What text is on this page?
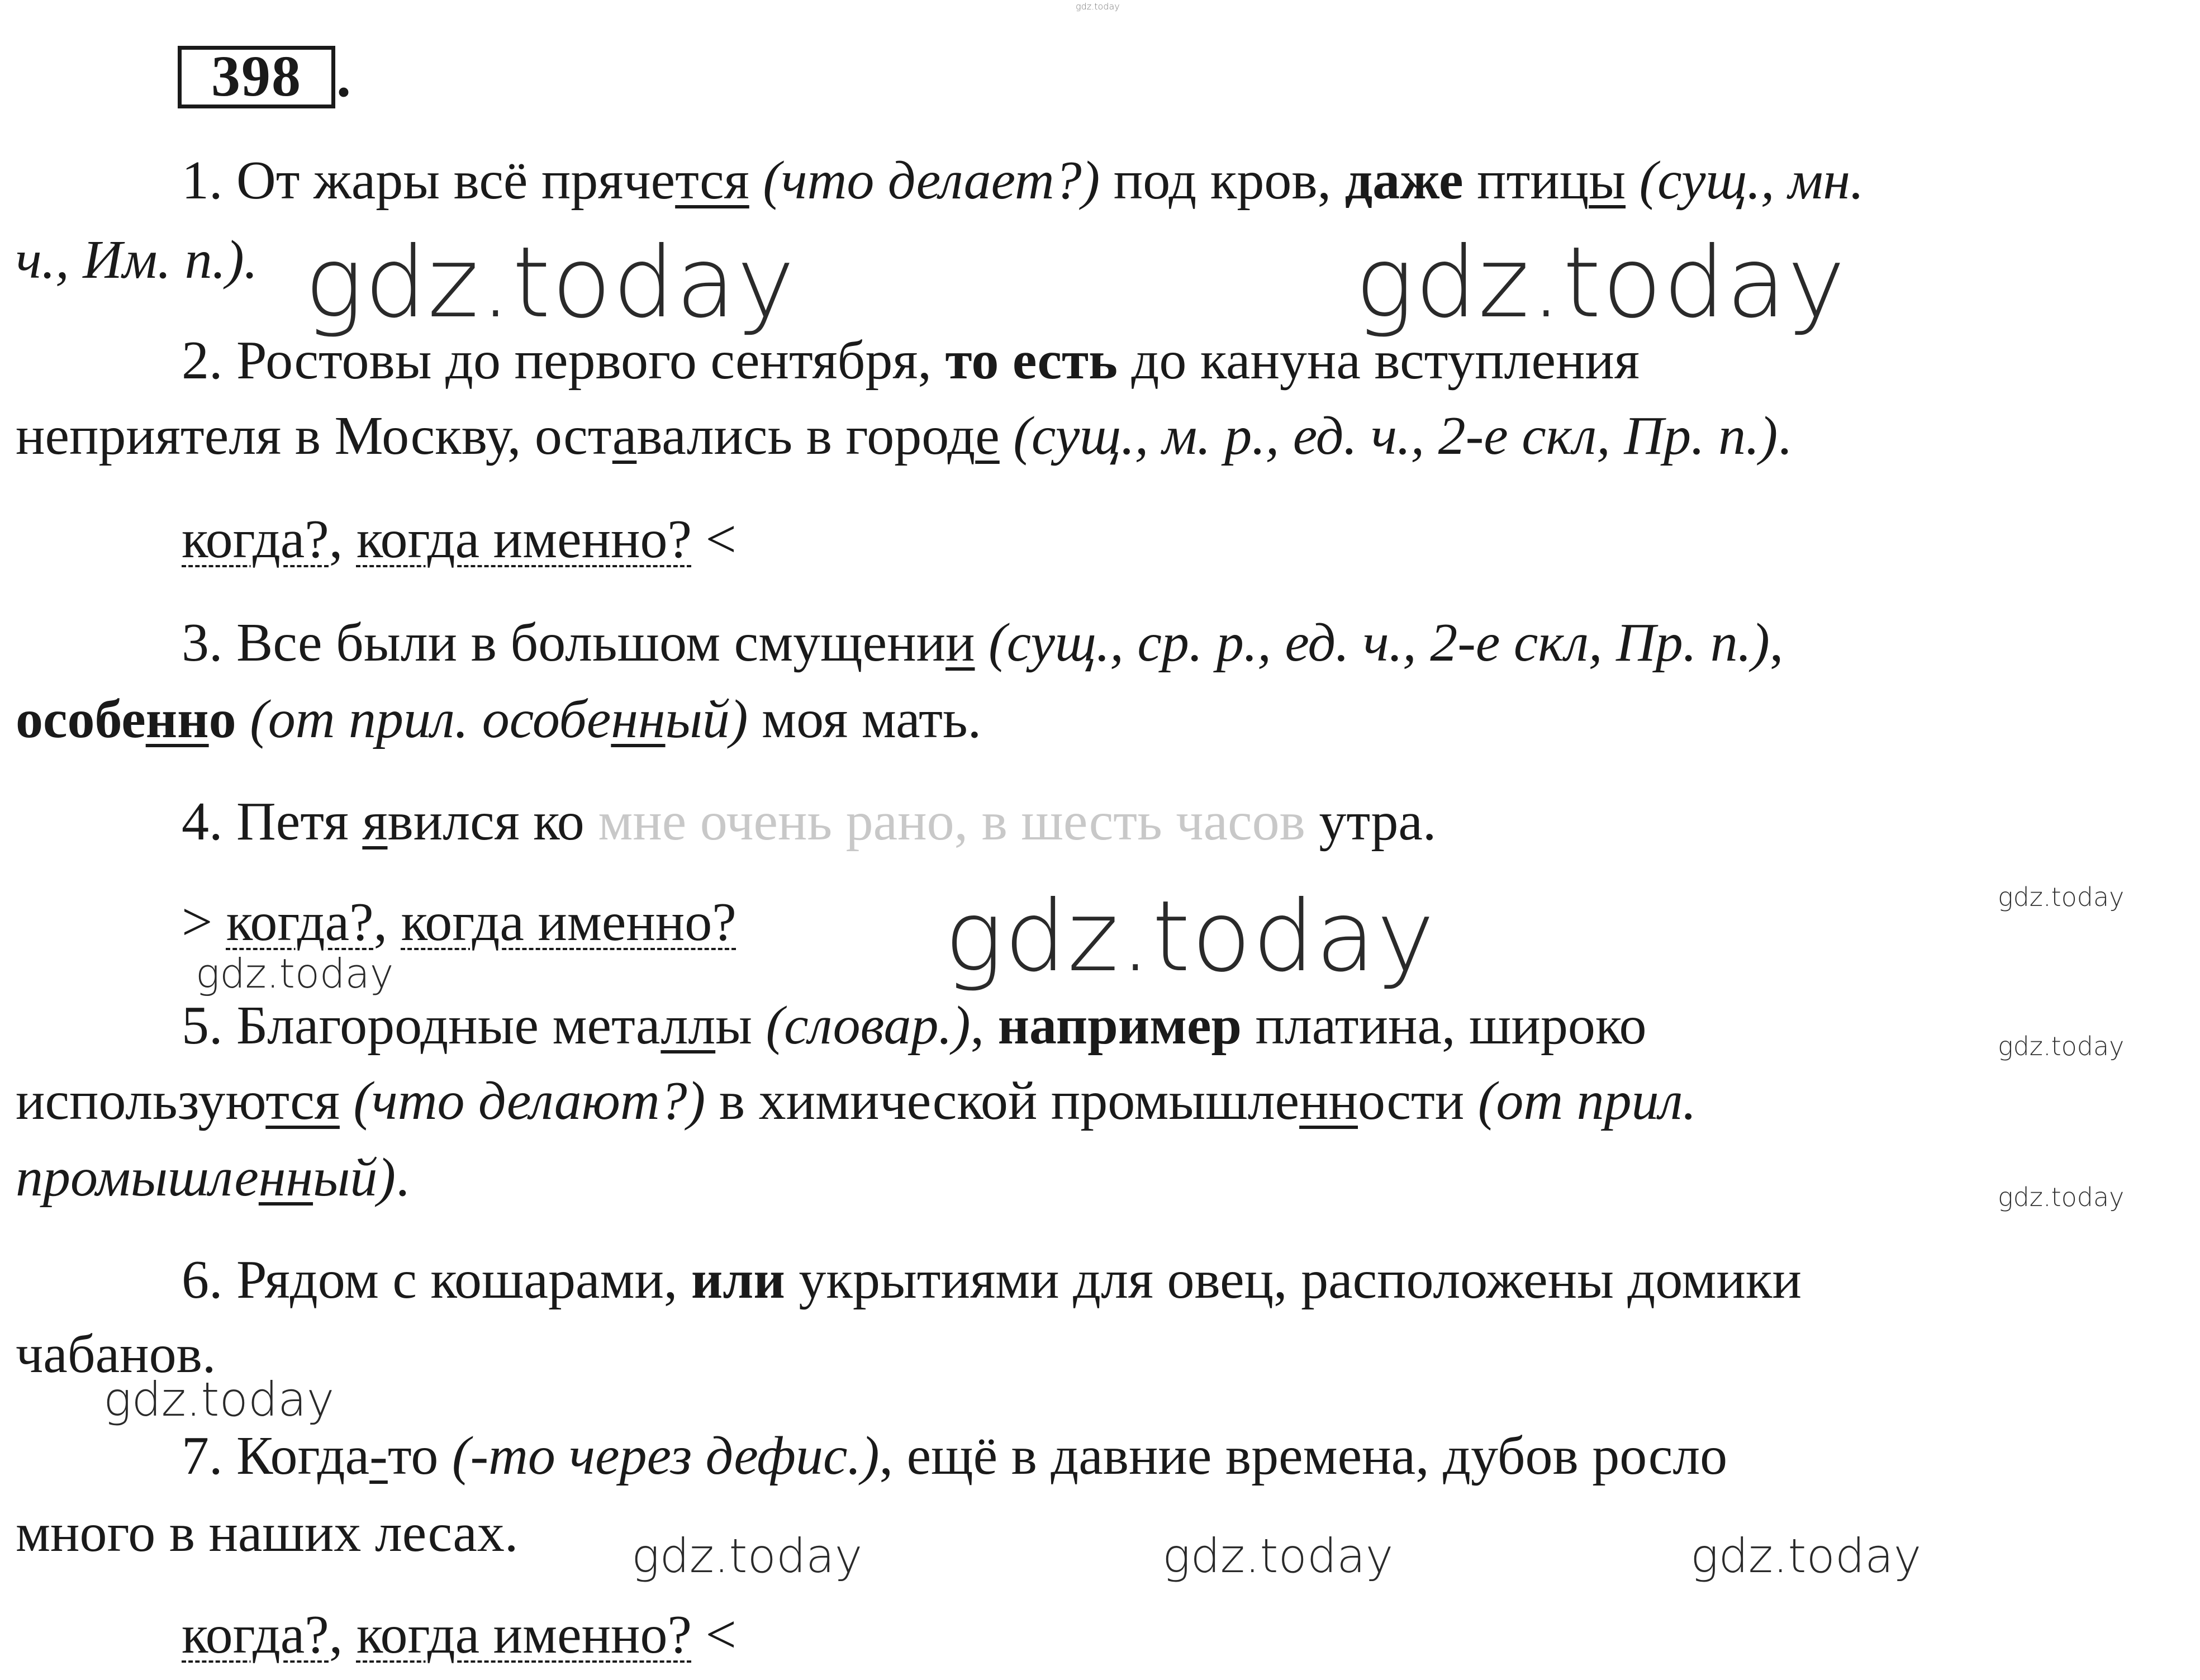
gdz.today
398 .
1. От жары всё прячется (что делает?) под кров, даже птицы (сущ., мн.
ч., Им. п.).
2. Ростовы до первого сентября, то есть до кануна вступления
неприятеля в Москву, оставались в городе (сущ., м. р., ед. ч., 2-е скл, Пр. п.).
когда?, когда именно? <
3. Все были в большом смущении (сущ., ср. р., ед. ч., 2-е скл, Пр. п.),
особенно (от прил. особенный) моя мать.
4. Петя явился ко мне очень рано, в шесть часов утра.
> когда?, когда именно?
5. Благородные металлы (словар.), например платина, широко
используются (что делают?) в химической промышленности (от прил.
промышленный).
6. Рядом с кошарами, или укрытиями для овец, расположены домики
чабанов.
7. Когда-то (-то через дефис.), ещё в давние времена, дубов росло
много в наших лесах.
когда?, когда именно? <
gdz.today	gdz.today
gdz.today	gdz.today
gdz.today
gdz.today
gdz.today
gdz.today
gdz.today	gdz.today	gdz.today
